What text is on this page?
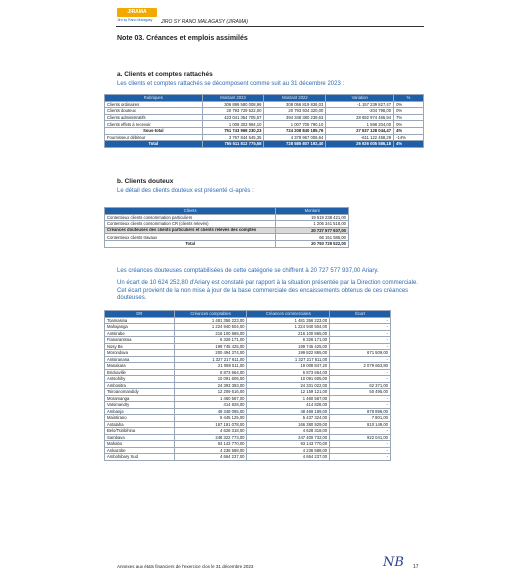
JIRAMA
Jiro sy Rano Malagasy	JIRO SY RANO MALAGASY (JIRAMA)
Note 03. Créances et emplois assimilés
a. Clients et comptes rattachés
Les clients et comptes rattachés se décomposent comme suit au 31 décembre 2023 :
Rubriques	Montant 2023	Montant 2022	Variation	%
Clients ordinaires	306 899 580 008,96	308 056 819 836,03	-1 157 239 827,47	0%
Clients douteux	20 793 729 522,00	20 793 934 320,00	-204 798,00	0%
Clients administratifs	423 041 354 705,57	394 348 380 239,63	28 692 974 465,94	7%
Clients effets à recevoir	1 009 303 994,10	1 007 705 790,10	1 598 204,00	0%
Sous-total	751 743 968 230,23	724 208 840 185,76	27 537 128 044,47	4%
Fournisseur débiteur	3 767 844 545,35	4 378 967 006,64	-611 122 458,29	-14%
Total	755 511 812 775,58	728 585 807 192,40	26 926 005 586,18	4%
b. Clients douteux
Le détail des clients douteux est présenté ci-après :
Clients	Montant
Contentieux clients consommation particuliers	19 519 238 421,00
Contentieux clients consommation CR (clients relevés)	1 206 341 518,00
Créances douteuses des clients particuliers et clients relevés des comptes	20 727 577 937,00
Contentieux clients travaux	66 151 585,00
Total	20 793 729 522,00
Les créances douteuses comptabilisées de cette catégorie se chiffrent à 20 727 577 937,00 Ariary.
Un écart de 10 624 252,80 d'Ariary est constaté par rapport à la situation présentée par la Direction commerciale. Cet écart provient de la non mise à jour de la base commerciale des encaissements obtenus de ces créances douteuses.
DR	Créances comptables	Créances commerciales	Écart
Toamasina	1 481 356 223,00	1 481 356 223,00	-
Mahajanga	1 224 940 504,00	1 224 940 504,00	-
Antsirabe	216 100 865,00	216 100 865,00	-
Fianarantsoa	6 326 171,00	6 326 171,00	-
Nosy Be	199 745 425,00	199 745 425,00	-
Morondava	200 494 374,00	199 822 865,00	671 509,00
Antsiranana	1 327 217 611,00	1 327 217 611,00	-
Manakara	21 088 511,00	19 008 847,20	2 079 663,80
Brickaville	6 873 664,00	6 873 664,00	-
Antsohihy	10 091 605,00	10 091 605,00	-
Ambositra	24 393 393,00	24 331 022,00	62 371,00
Tsiroanomandidy	12 209 616,00	12 159 121,00	50 495,00
Moramanga	1 460 567,00	1 460 567,00	-
Vatomandry	414 828,00	414 828,00	-
Ambanja	49 348 085,00	48 469 189,00	878 896,00
Maintirano	5 445 125,00	5 437 324,00	7 801,00
Antalaha	167 191 078,00	166 380 929,00	810 149,00
Belo/Tsiribihina	4 628 318,00	4 628 318,00	-
Sambava	248 322 773,00	247 400 732,00	922 041,00
Mahabo	93 143 770,00	93 143 770,00	-
Ankazobe	4 236 588,00	4 236 588,00	-
Ambohibary Sud	4 664 237,00	4 664 237,00	-
Annexes aux états financiers de l'exercice clos le 31 décembre 2023	NB 17
